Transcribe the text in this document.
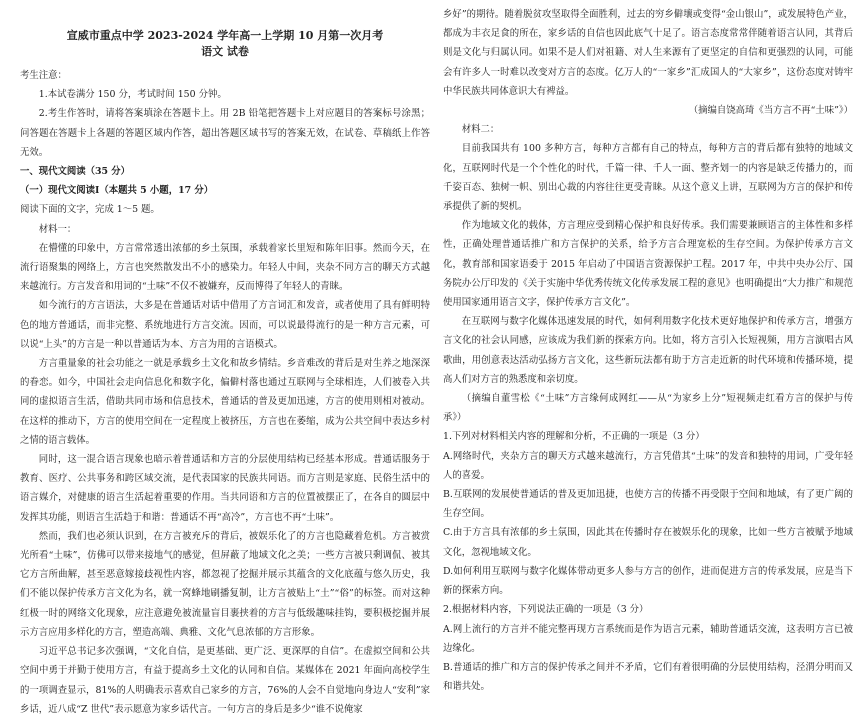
宣威市重点中学 2023-2024 学年高一上学期 10 月第一次月考

语文 试卷

考生注意：

1.本试卷满分 150 分，考试时间 150 分钟。

2.考生作答时，请将答案填涂在答题卡上。用 2B 铅笔把答题卡上对应题目的答案标号涂黑；问答题在答题卡上各题的答题区域内作答，超出答题区域书写的答案无效，在试卷、草稿纸上作答无效。

一、现代文阅读（35 分）

（一）现代文阅读Ⅰ（本题共 5 小题，17 分）

阅读下面的文字，完成 1～5 题。

材料一：

在懵懂的印象中，方言常常透出浓郁的乡土氛围，承载着家长里短和陈年旧事。然而今天，在流行语聚集的网络上，方言也突然散发出不小的感染力。年轻人中间，夹杂不同方言的聊天方式越来越流行。方言发音和用词的“土味”不仅不被嫌弃，反而博得了年轻人的青睐。

如今流行的方言语法，大多是在普通话对话中借用了方言词汇和发音，或者使用了具有鲜明特色的地方普通话，而非完整、系统地进行方言交流。因而，可以说最得流行的是一种方言元素，可以说“上头”的方言是一种以普通话为本、方言为用的言语模式。

方言重量象的社会功能之一就是承载乡土文化和故乡情结。乡音难改的背后是对生养之地深深的眷恋。如今，中国社会走向信息化和数字化，偏僻村落也通过互联网与全球相连，人们被卷入共同的虚拟语言生活，借助共同市场和信息技术，普通话的普及更加迅速，方言的使用则相对被动。在这样的推动下，方言的使用空间在一定程度上被挤压，方言也在萎缩，成为公共空间中表达乡村之情的语言载体。

同时，这一混合语言现象也暗示着普通话和方言的分层使用结构已经基本形成。普通话服务于教育、医疗、公共事务和跨区域交流，是代表国家的民族共同语。而方言则是家庭、民俗生活中的语言媒介，对健康的语言生活起着重要的作用。当共同语和方言的位置被摆正了，在各自的圆层中发挥其功能，则语言生活趋于和谐：普通话不再“高冷”，方言也不再“土味”。

然而，我们也必须认识到，在方言被充斥的背后，被娱乐化了的方言也隐藏着危机。方言被赏光所看“土味”，仿佛可以带来接地气的感觉，但屏蔽了地域文化之美；一些方言被只剩调侃、被其它方言所曲解，甚至恶意嫁接歧视性内容，都忽视了挖掘并展示其蕴含的文化底蕴与悠久历史，我们不能以保护传承方言文化为名，就一窝蜂地刷播复制，让方言被贴上“土”“俗”的标签。而对这种红极一时的网络文化现象，应注意避免被流量盲目裹挟着的方言与低级趣味挂钩，要积极挖掘并展示方言应用多样化的方言，塑造高端、典雅、文化气息浓郁的方言形象。

习近平总书记多次强调，“文化自信，是更基础、更广泛、更深厚的自信”。在虚拟空间和公共空间中勇于并勤于使用方言，有益于提高乡土文化的认同和自信。某媒体在 2021 年面向高校学生的一项调查显示，81%的人明确表示喜欢自己家乡的方言，76%的人会不自觉地向身边人“安利”家乡话，近八成“Z 世代”表示愿意为家乡话代言。一句方言的身后是多少“谁不说俺家

乡好”的期待。随着脱贫攻坚取得全面胜利，过去的穷乡僻壤或变得“金山银山”，或发展特色产业，都成为丰衣足食的所在，家乡话的自信也因此底气十足了。语言态度常常伴随着语言认同，其背后则是文化与归属认同。如果不是人们对祖籍、对人生来源有了更坚定的自信和更强烈的认同，可能会有许多人一时难以改变对方言的态度。亿万人的“一家乡”汇成国人的“大家乡”，这份态度对铸牢中华民族共同体意识大有裨益。

（摘编自饶高琦《当方言不再“土味”》）

材料二：

目前我国共有 100 多种方言，每种方言都有自己的特点，每种方言的背后都有独特的地域文化，互联网时代是一个个性化的时代，千篇一律、千人一面、整齐划一的内容是缺乏传播力的，而千姿百态、独树一帜、别出心裁的内容往往更受青睐。从这个意义上讲，互联网为方言的保护和传承提供了新的契机。

作为地域文化的载体，方言理应受到精心保护和良好传承。我们需要兼顾语言的主体性和多样性，正确处理普通话推广和方言保护的关系，给予方言合理宽松的生存空间。为保护传承方言文化，教育部和国家语委于 2015 年启动了中国语言资源保护工程。2017 年，中共中央办公厅、国务院办公厅印发的《关于实施中华优秀传统文化传承发展工程的意见》也明确提出“大力推广和规范使用国家通用语言文字，保护传承方言文化”。

在互联网与数字化媒体迅速发展的时代，如何利用数字化技术更好地保护和传承方言，增强方言文化的社会认同感，应该成为我们新的探索方向。比如，将方言引入长短视频，用方言演唱古风歌曲，用创意表达活动弘扬方言文化，这些新玩法都有助于方言走近新的时代环境和传播环境，提高人们对方言的熟悉度和亲切度。

（摘编自董雪松《“土味”方言缘何成网红——从“为家乡上分”短视频走红看方言的保护与传承》）

1.下列对材料相关内容的理解和分析，不正确的一项是（3 分）

A.网络时代，夹杂方言的聊天方式越来越流行，方言凭借其“土味”的发音和独特的用词，广受年轻人的喜爱。

B.互联网的发展使普通话的普及更加迅捷，也使方言的传播不再受限于空间和地域，有了更广阔的生存空间。

C.由于方言具有浓郁的乡土氛围，因此其在传播时存在被娱乐化的现象，比如一些方言被赋予地域文化，忽视地域文化。

D.如何利用互联网与数字化媒体带动更多人参与方言的创作，进而促进方言的传承发展，应是当下新的探索方向。

2.根据材料内容，下列说法正确的一项是（3 分）

A.网上流行的方言并不能完整再现方言系统而是作为语言元素，辅助普通话交流，这表明方言已被边缘化。

B.普通话的推广和方言的保护传承之间并不矛盾，它们有着很明确的分层使用结构，泾渭分明而又和谐共处。
